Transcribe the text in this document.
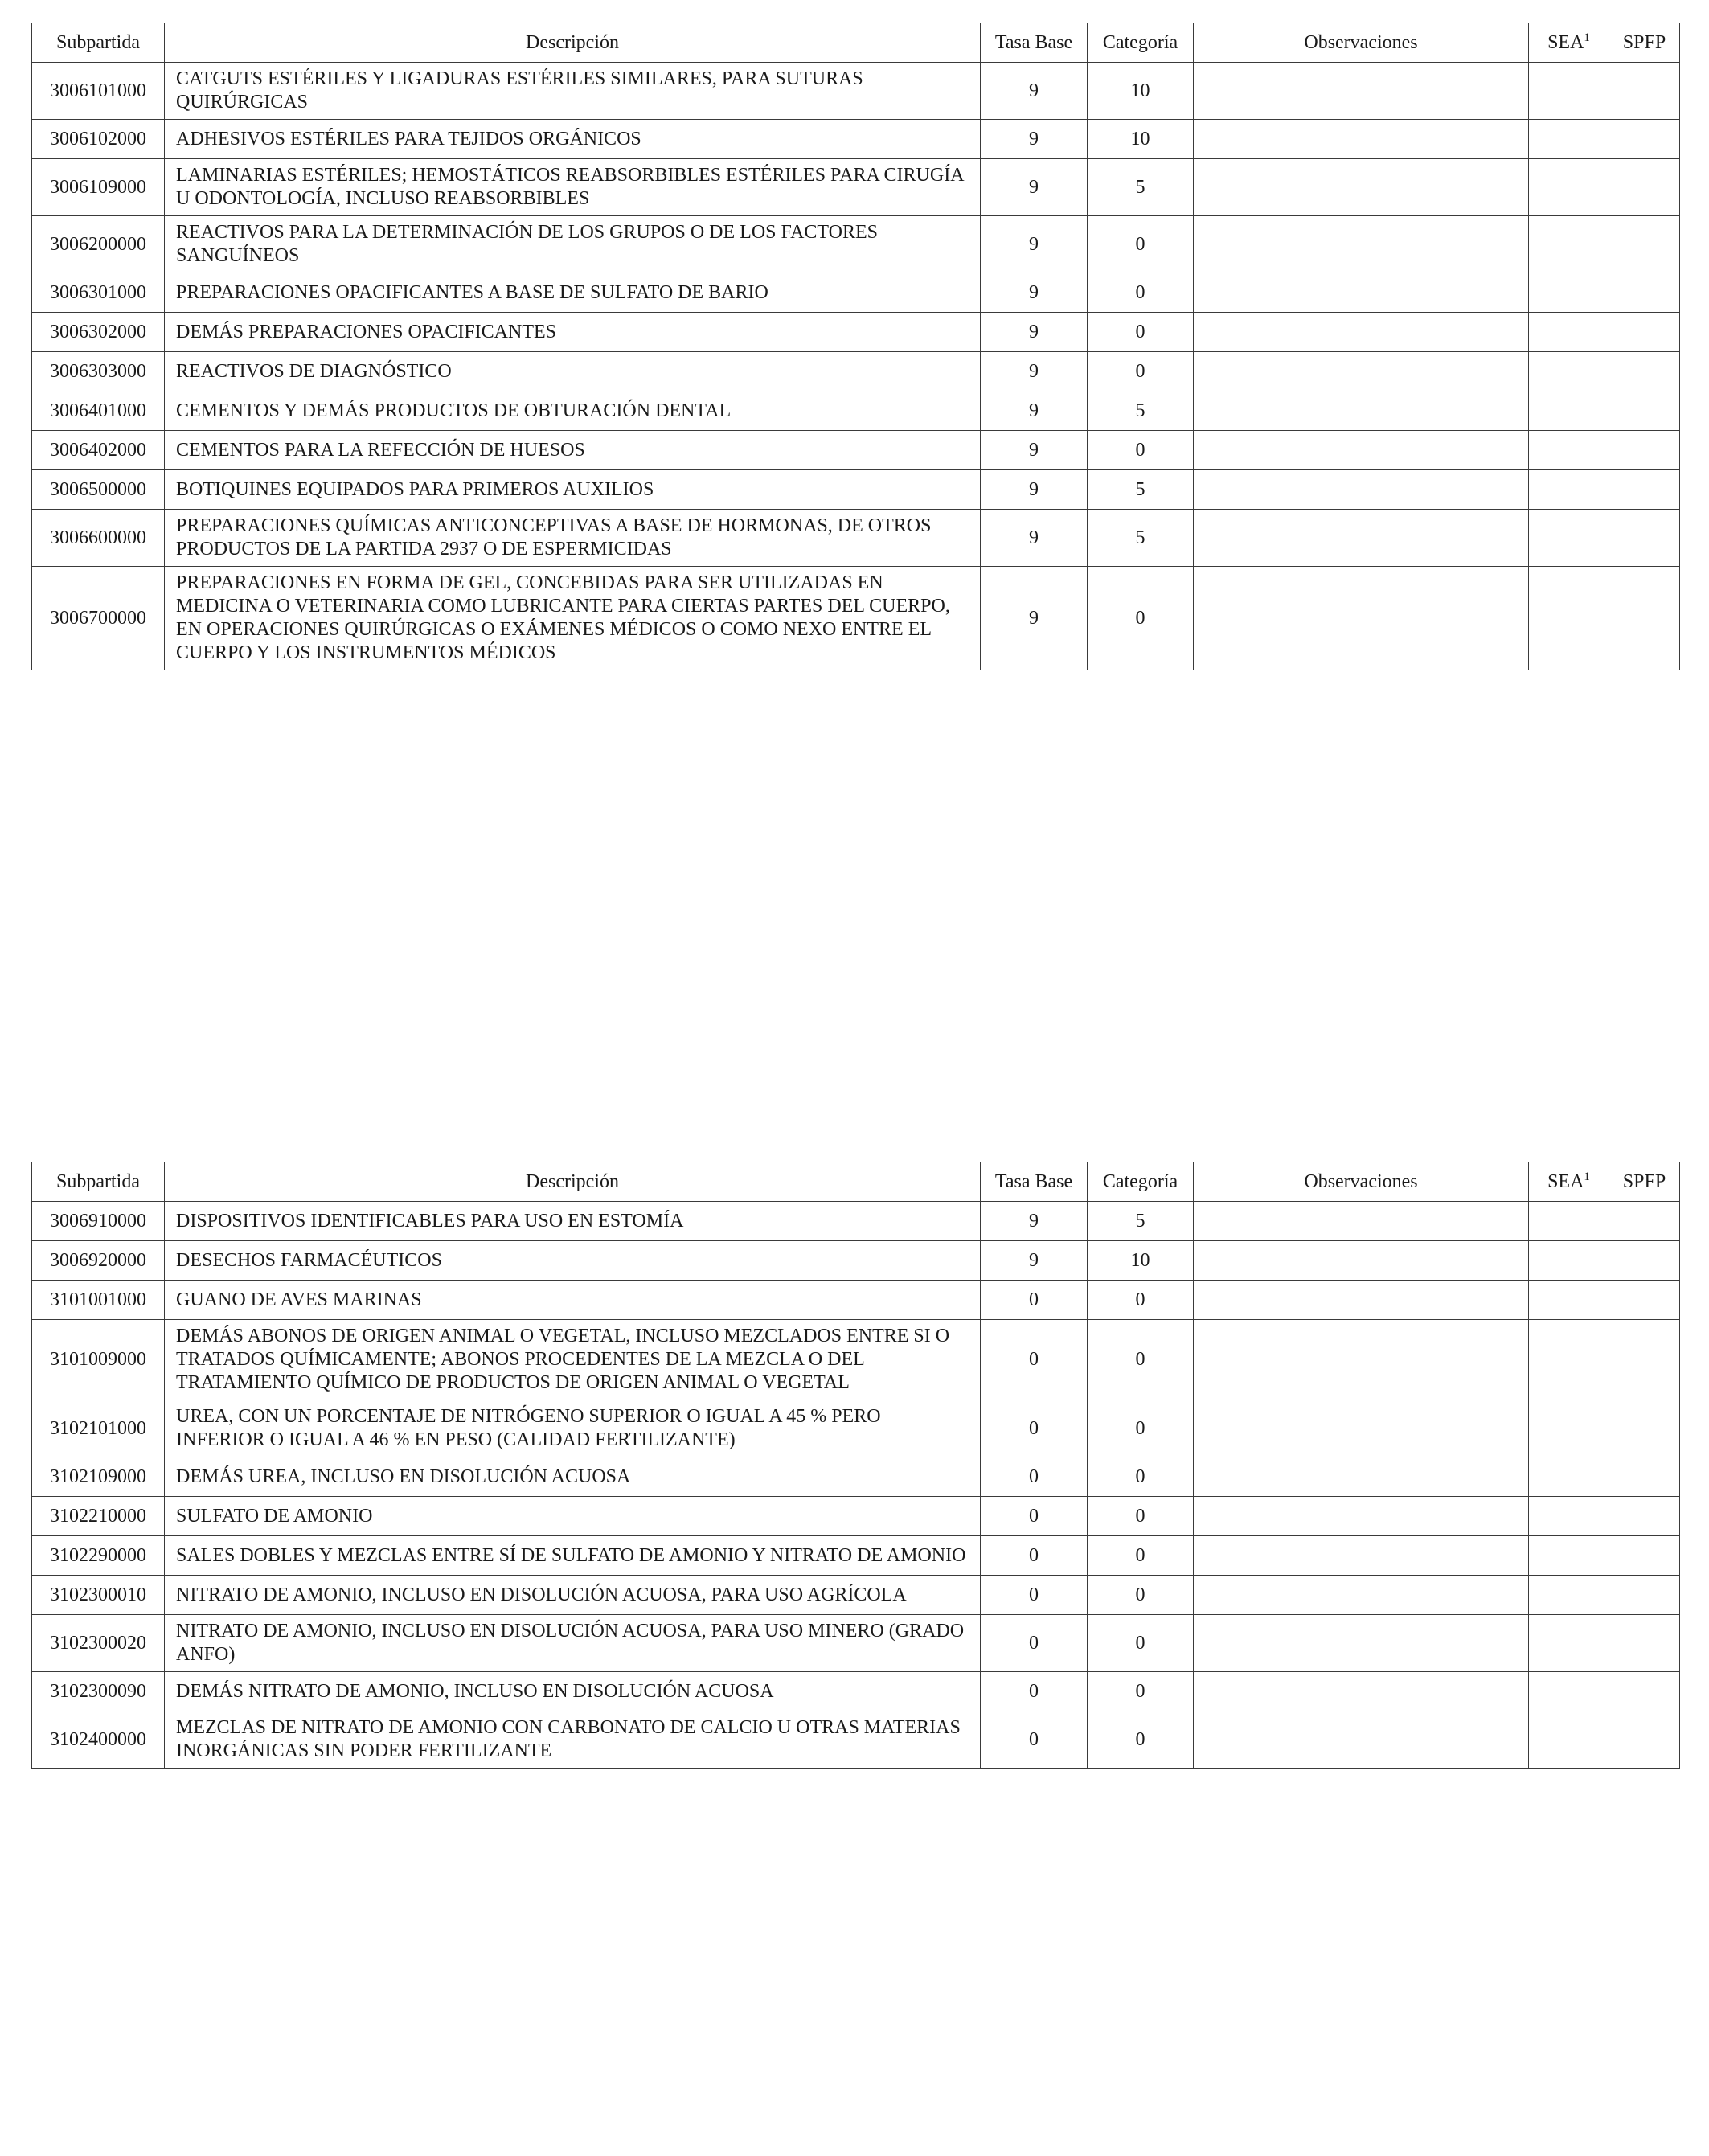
Subpartida	Descripción	Tasa Base	Categoría	Observaciones	SEA$^1$	SPFP
3006101000	CATGUTS ESTÉRILES Y LIGADURAS ESTÉRILES SIMILARES, PARA SUTURAS QUIRÚRGICAS	9	10			
3006102000	ADHESIVOS ESTÉRILES PARA TEJIDOS ORGÁNICOS	9	10			
3006109000	LAMINARIAS ESTÉRILES; HEMOSTÁTICOS REABSORBIBLES ESTÉRILES PARA CIRUGÍA U ODONTOLOGÍA, INCLUSO REABSORBIBLES	9	5			
3006200000	REACTIVOS PARA LA DETERMINACIÓN DE LOS GRUPOS O DE LOS FACTORES SANGUÍNEOS	9	0			
3006301000	PREPARACIONES OPACIFICANTES A BASE DE SULFATO DE BARIO	9	0			
3006302000	DEMÁS PREPARACIONES OPACIFICANTES	9	0			
3006303000	REACTIVOS DE DIAGNÓSTICO	9	0			
3006401000	CEMENTOS Y DEMÁS PRODUCTOS DE OBTURACIÓN DENTAL	9	5			
3006402000	CEMENTOS PARA LA REFECCIÓN DE HUESOS	9	0			
3006500000	BOTIQUINES EQUIPADOS PARA PRIMEROS AUXILIOS	9	5			
3006600000	PREPARACIONES QUÍMICAS ANTICONCEPTIVAS A BASE DE HORMONAS, DE OTROS PRODUCTOS DE LA PARTIDA 2937 O DE ESPERMICIDAS	9	5			
3006700000	PREPARACIONES EN FORMA DE GEL, CONCEBIDAS PARA SER UTILIZADAS EN MEDICINA O VETERINARIA COMO LUBRICANTE PARA CIERTAS PARTES DEL CUERPO, EN OPERACIONES QUIRÚRGICAS O EXÁMENES MÉDICOS O COMO NEXO ENTRE EL CUERPO Y LOS INSTRUMENTOS MÉDICOS	9	0			
Subpartida	Descripción	Tasa Base	Categoría	Observaciones	SEA$^1$	SPFP
3006910000	DISPOSITIVOS IDENTIFICABLES PARA USO EN ESTOMÍA	9	5			
3006920000	DESECHOS FARMACÉUTICOS	9	10			
3101001000	GUANO DE AVES MARINAS	0	0			
3101009000	DEMÁS ABONOS DE ORIGEN ANIMAL O VEGETAL, INCLUSO MEZCLADOS ENTRE SI O TRATADOS QUÍMICAMENTE; ABONOS PROCEDENTES DE LA MEZCLA O DEL TRATAMIENTO QUÍMICO DE PRODUCTOS DE ORIGEN ANIMAL O VEGETAL	0	0			
3102101000	UREA, CON UN PORCENTAJE DE NITRÓGENO SUPERIOR O IGUAL A 45 % PERO INFERIOR O IGUAL A 46 % EN PESO (CALIDAD FERTILIZANTE)	0	0			
3102109000	DEMÁS UREA, INCLUSO EN DISOLUCIÓN ACUOSA	0	0			
3102210000	SULFATO DE AMONIO	0	0			
3102290000	SALES DOBLES Y MEZCLAS ENTRE SÍ DE SULFATO DE AMONIO Y NITRATO DE AMONIO	0	0			
3102300010	NITRATO DE AMONIO, INCLUSO EN DISOLUCIÓN ACUOSA, PARA USO AGRÍCOLA	0	0			
3102300020	NITRATO DE AMONIO, INCLUSO EN DISOLUCIÓN ACUOSA, PARA USO MINERO (GRADO ANFO)	0	0			
3102300090	DEMÁS NITRATO DE AMONIO, INCLUSO EN DISOLUCIÓN ACUOSA	0	0			
3102400000	MEZCLAS DE NITRATO DE AMONIO CON CARBONATO DE CALCIO U OTRAS MATERIAS INORGÁNICAS SIN PODER FERTILIZANTE	0	0			
